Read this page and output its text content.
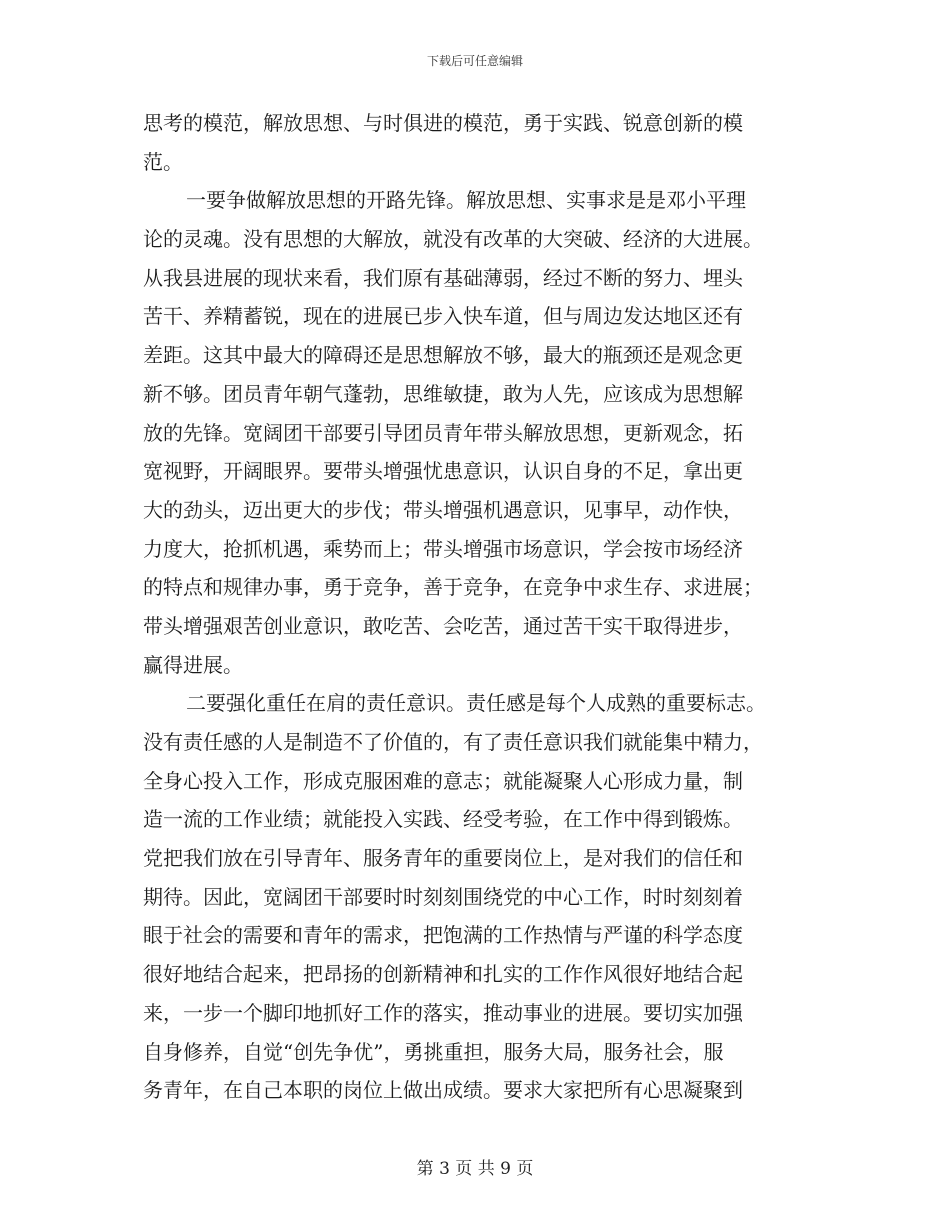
下载后可任意编辑
思考的模范，解放思想、与时俱进的模范，勇于实践、锐意创新的模
范。
一要争做解放思想的开路先锋。解放思想、实事求是是邓小平理
论的灵魂。没有思想的大解放，就没有改革的大突破、经济的大进展。
从我县进展的现状来看，我们原有基础薄弱，经过不断的努力、埋头
苦干、养精蓄锐，现在的进展已步入快车道，但与周边发达地区还有
差距。这其中最大的障碍还是思想解放不够，最大的瓶颈还是观念更
新不够。团员青年朝气蓬勃，思维敏捷，敢为人先，应该成为思想解
放的先锋。宽阔团干部要引导团员青年带头解放思想，更新观念，拓
宽视野，开阔眼界。要带头增强忧患意识，认识自身的不足，拿出更
大的劲头，迈出更大的步伐；带头增强机遇意识，见事早，动作快，
力度大，抢抓机遇，乘势而上；带头增强市场意识，学会按市场经济
的特点和规律办事，勇于竞争，善于竞争，在竞争中求生存、求进展；
带头增强艰苦创业意识，敢吃苦、会吃苦，通过苦干实干取得进步，
赢得进展。
二要强化重任在肩的责任意识。责任感是每个人成熟的重要标志。
没有责任感的人是制造不了价值的，有了责任意识我们就能集中精力，
全身心投入工作，形成克服困难的意志；就能凝聚人心形成力量，制
造一流的工作业绩；就能投入实践、经受考验，在工作中得到锻炼。
党把我们放在引导青年、服务青年的重要岗位上，是对我们的信任和
期待。因此，宽阔团干部要时时刻刻围绕党的中心工作，时时刻刻着
眼于社会的需要和青年的需求，把饱满的工作热情与严谨的科学态度
很好地结合起来，把昂扬的创新精神和扎实的工作作风很好地结合起
来，一步一个脚印地抓好工作的落实，推动事业的进展。要切实加强
自身修养，自觉“创先争优”，勇挑重担，服务大局，服务社会，服
务青年，在自己本职的岗位上做出成绩。要求大家把所有心思凝聚到
第 3 页 共 9 页
